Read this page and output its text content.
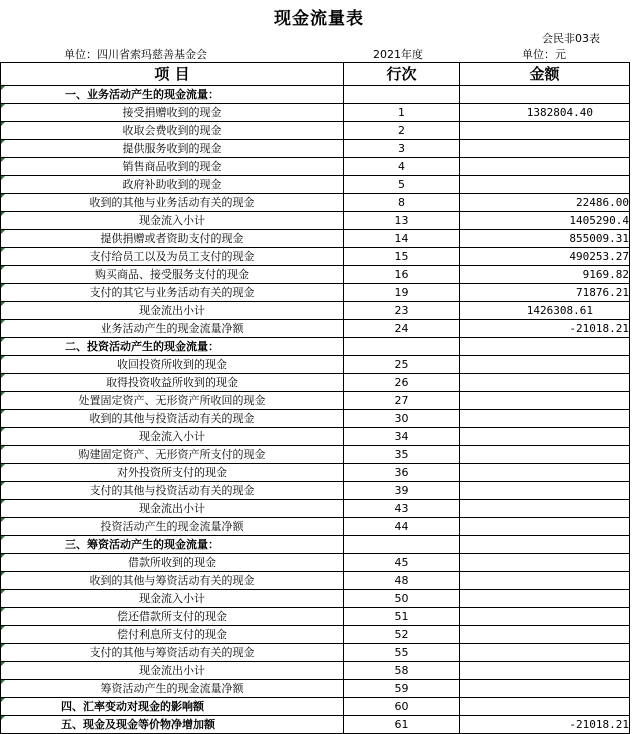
现金流量表
会民非03表
单位：四川省索玛慈善基金会	2021年度	单位：元
项 目	行次	金额
一、业务活动产生的现金流量：		
接受捐赠收到的现金	1	1382804.40
收取会费收到的现金	2	
提供服务收到的现金	3	
销售商品收到的现金	4	
政府补助收到的现金	5	
收到的其他与业务活动有关的现金	8	22486.00
现金流入小计	13	1405290.4
提供捐赠或者资助支付的现金	14	855009.31
支付给员工以及为员工支付的现金	15	490253.27
购买商品、接受服务支付的现金	16	9169.82
支付的其它与业务活动有关的现金	19	71876.21
现金流出小计	23	1426308.61
业务活动产生的现金流量净额	24	-21018.21
二、投资活动产生的现金流量：		
收回投资所收到的现金	25	
取得投资收益所收到的现金	26	
处置固定资产、无形资产所收回的现金	27	
收到的其他与投资活动有关的现金	30	
现金流入小计	34	
购建固定资产、无形资产所支付的现金	35	
对外投资所支付的现金	36	
支付的其他与投资活动有关的现金	39	
现金流出小计	43	
投资活动产生的现金流量净额	44	
三、筹资活动产生的现金流量：		
借款所收到的现金	45	
收到的其他与筹资活动有关的现金	48	
现金流入小计	50	
偿还借款所支付的现金	51	
偿付利息所支付的现金	52	
支付的其他与筹资活动有关的现金	55	
现金流出小计	58	
筹资活动产生的现金流量净额	59	
四、汇率变动对现金的影响额	60	
五、现金及现金等价物净增加额	61	-21018.21
